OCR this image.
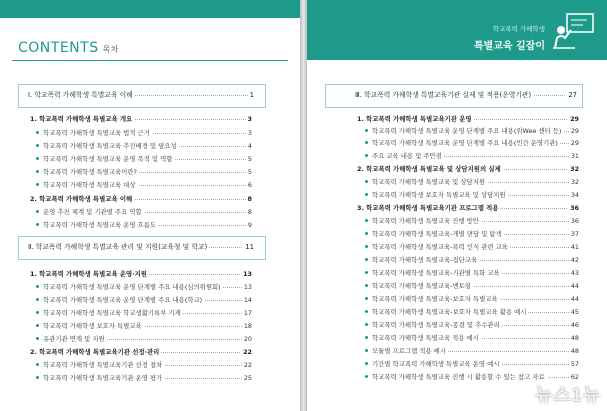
CONTENTS 목차
Ⅰ. 학교폭력 가해학생 특별교육 이해	1
1. 학교폭력 가해학생 특별교육 개요	3
학교폭력 가해학생 특별교육 법적 근거	3
학교폭력 가해학생 특별교육 추진배경 및 필요성	4
학교폭력 가해학생 특별교육 운영 목적 및 역할	5
학교폭력 가해학생 특별교육이란?	5
학교폭력 가해학생 특별교육 대상	6
2. 학교폭력 가해학생 특별교육 이해	8
운영 추진 체계 및 기관별 주요 역할	8
학교폭력 가해학생 특별교육 운영 흐름도	9
Ⅱ. 학교폭력 가해학생 특별교육 관리 및 지원(교육청 및 학교)	11
1. 학교폭력 가해학생 특별교육 운영·지원	13
학교폭력 가해학생 특별교육 운영 단계별 주요 내용(심의위원회)	13
학교폭력 가해학생 특별교육 운영 단계별 주요 내용(학교)	14
학교폭력 가해학생 특별교육 학교생활기록부 기재	17
학교폭력 가해학생 보호자 특별교육	18
유관기관 연계 및 지원	20
2. 학교폭력 가해학생 특별교육기관 선정·관리	22
학교폭력 가해학생 특별교육기관 선정 절차	22
학교폭력 가해학생 특별교육기관 운영 평가	25
학교폭력 가해학생
특별교육 길잡이
Ⅲ. 학교폭력 가해학생 특별교육기관 실제 및 적용(운영기관)	27
1. 학교폭력 가해학생 특별교육기관 운영	29
학교폭력 가해학생 특별교육 운영 단계별 주요 내용(위Wee 센터 등)	29
학교폭력 가해학생 특별교육 운영 단계별 주요 내용(민간 운영기관)	29
주요 교육 내용 및 주안점	31
2. 학교폭력 가해학생 특별교육 및 상담지원의 실제	32
학교폭력 가해학생 특별교육 및 상담지원	32
학교폭력 가해학생 보호자 특별교육 및 상담지원	34
3. 학교폭력 가해학생 특별교육기관 프로그램 적용	36
학교폭력 가해학생 특별교육 진행 방안	36
학교폭력 가해학생 특별교육-개별 면담 및 탐색	37
학교폭력 가해학생 특별교육-폭력 인식 관련 교육	41
학교폭력 가해학생 특별교육-집단교육	42
학교폭력 가해학생 특별교육-기관별 특화 교육	43
학교폭력 가해학생 특별교육-멘토링	44
학교폭력 가해학생 특별교육-보호자 특별교육	44
학교폭력 가해학생 특별교육-보호자 특별교육 활용 예시	45
학교폭력 가해학생 특별교육-종결 및 추수관리	46
학교폭력 가해학생 특별교육 적용 예시	48
모듈별 프로그램 적용 예시	48
기간별 학교폭력 가해학생 특별교육 운영 예시	57
학교폭력 가해학생 특별교육 진행 시 활용할 수 있는 참고 자료	62
뉴스1뉴
